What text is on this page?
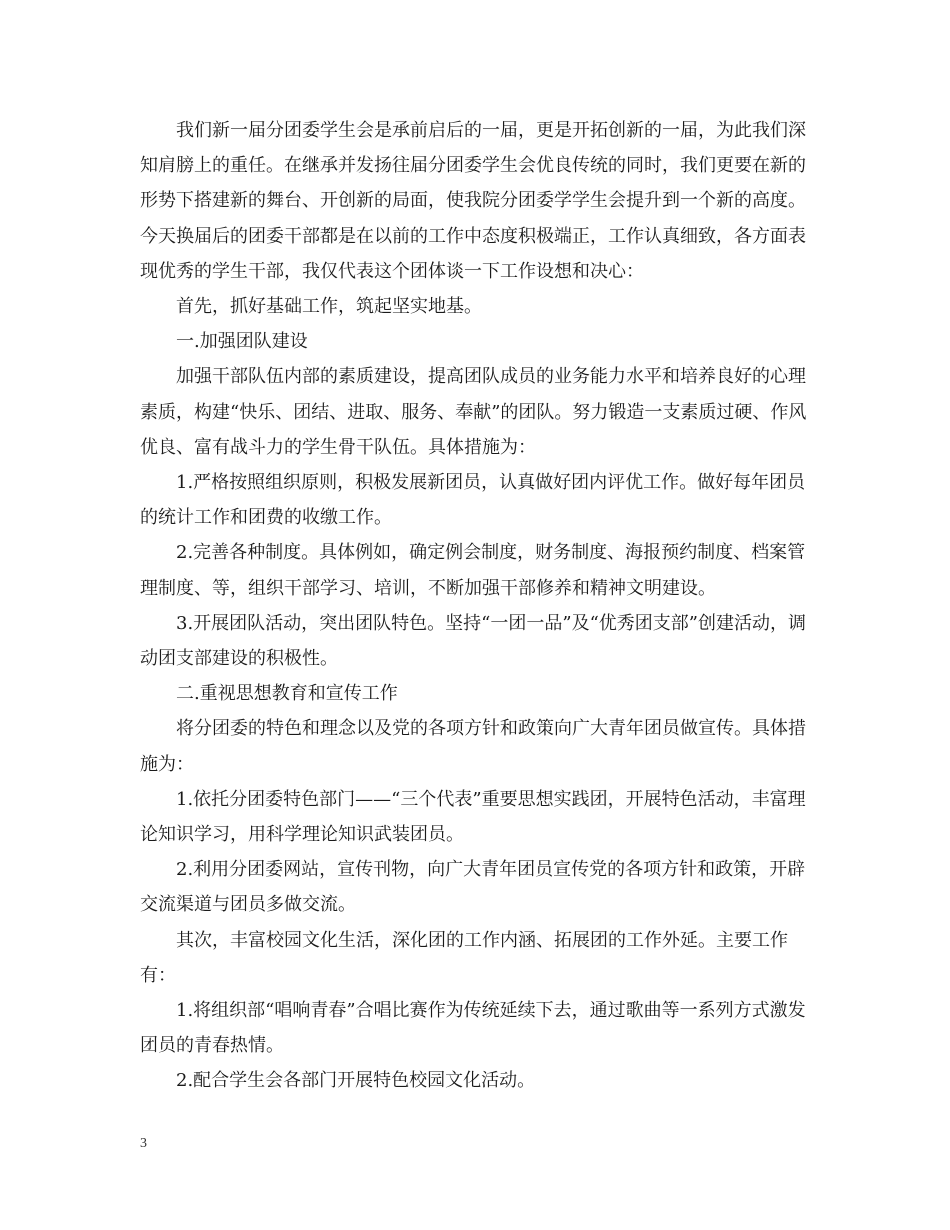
我们新一届分团委学生会是承前启后的一届，更是开拓创新的一届，为此我们深知肩膀上的重任。在继承并发扬往届分团委学生会优良传统的同时，我们更要在新的形势下搭建新的舞台、开创新的局面，使我院分团委学学生会提升到一个新的高度。今天换届后的团委干部都是在以前的工作中态度积极端正，工作认真细致，各方面表现优秀的学生干部，我仅代表这个团体谈一下工作设想和决心：

首先，抓好基础工作，筑起坚实地基。

一.加强团队建设

加强干部队伍内部的素质建设，提高团队成员的业务能力水平和培养良好的心理素质，构建“快乐、团结、进取、服务、奉献”的团队。努力锻造一支素质过硬、作风优良、富有战斗力的学生骨干队伍。具体措施为：

1.严格按照组织原则，积极发展新团员，认真做好团内评优工作。做好每年团员的统计工作和团费的收缴工作。

2.完善各种制度。具体例如，确定例会制度，财务制度、海报预约制度、档案管理制度、等，组织干部学习、培训，不断加强干部修养和精神文明建设。

3.开展团队活动，突出团队特色。坚持“一团一品”及“优秀团支部”创建活动，调动团支部建设的积极性。

二.重视思想教育和宣传工作

将分团委的特色和理念以及党的各项方针和政策向广大青年团员做宣传。具体措施为：

1.依托分团委特色部门——“三个代表”重要思想实践团，开展特色活动，丰富理论知识学习，用科学理论知识武装团员。

2.利用分团委网站，宣传刊物，向广大青年团员宣传党的各项方针和政策，开辟交流渠道与团员多做交流。

其次，丰富校园文化生活，深化团的工作内涵、拓展团的工作外延。主要工作有：

1.将组织部“唱响青春”合唱比赛作为传统延续下去，通过歌曲等一系列方式激发团员的青春热情。

2.配合学生会各部门开展特色校园文化活动。

3
